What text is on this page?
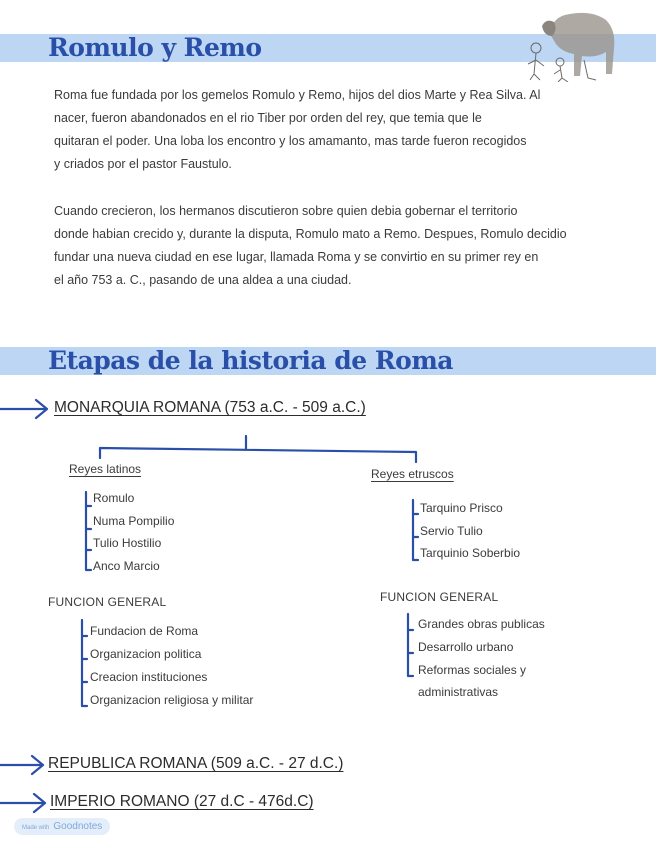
Romulo y Remo

Roma fue fundada por los gemelos Romulo y Remo, hijos del dios Marte y Rea Silva. Al
nacer, fueron abandonados en el rio Tiber por orden del rey, que temia que le
quitaran el poder. Una loba los encontro y los amamanto, mas tarde fueron recogidos
y criados por el pastor Faustulo.

Cuando crecieron, los hermanos discutieron sobre quien debia gobernar el territorio
donde habian crecido y, durante la disputa, Romulo mato a Remo. Despues, Romulo decidio
fundar una nueva ciudad en ese lugar, llamada Roma y se convirtio en su primer rey en
el año 753 a. C., pasando de una aldea a una ciudad.

Etapas de la historia de Roma
MONARQUIA ROMANA (753 a.C. - 509 a.C.)
Reyes latinos
Romulo
Numa Pompilio
Tulio Hostilio
Anco Marcio
FUNCION GENERAL
Fundacion de Roma
Organizacion politica
Creacion instituciones
Organizacion religiosa y militar
Reyes etruscos
Tarquino Prisco
Servio Tulio
Tarquinio Soberbio
FUNCION GENERAL
Grandes obras publicas
Desarrollo urbano
Reformas sociales y
administrativas
REPUBLICA ROMANA (509 a.C. - 27 d.C.)
IMPERIO ROMANO (27 d.C - 476d.C)
Made with Goodnotes
